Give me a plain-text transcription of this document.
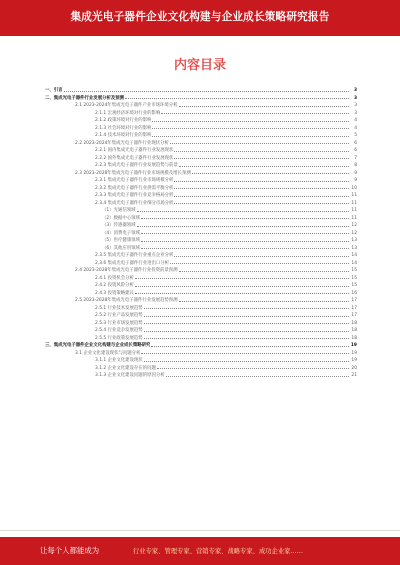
集成光电子器件企业文化构建与企业成长策略研究报告
内容目录
一、引言	3
二、集成光电子器件行业发展分析及预测	3
2.1 2023-2024年集成光电子器件产业市场环境分析	3
2.1.1 宏观经济环境对行业的影响	3
2.1.2 政策环境对行业的影响	4
2.1.3 社会环境对行业的影响	4
2.1.4 技术环境对行业的影响	5
2.2 2023-2024年集成光电子器件行业现状分析	6
2.2.1 国内集成光电子器件行业发展现状	6
2.2.2 国外集成光电子器件行业发展现状	7
2.2.3 集成光电子器件行业发展趋势与前景	8
2.3 2023-2028年集成光电子器件行业市场规模及增长预测	9
2.3.1 集成光电子器件行业市场规模分析	9
2.3.2 集成光电子器件行业供需平衡分析	10
2.3.3 集成光电子器件行业竞争格局分析	11
2.3.4 集成光电子器件行业细分市场分析	11
（1）光通信领域	11
（2）数据中心领域	11
（3）传感器领域	12
（4）消费电子领域	12
（5）医疗健康领域	13
（6）其他应用领域	13
2.3.5 集成光电子器件行业重点企业分析	14
2.3.6 集成光电子器件行业进出口分析	14
2.4 2023-2028年集成光电子器件行业投资前景预测	15
2.4.1 投资机会分析	15
2.4.2 投资风险分析	15
2.4.3 投资策略建议	16
2.5 2023-2028年集成光电子器件行业发展趋势预测	17
2.5.1 行业技术发展趋势	17
2.5.2 行业产品发展趋势	17
2.5.3 行业市场发展趋势	18
2.5.4 行业竞争发展趋势	18
2.5.5 行业政策发展趋势	18
三、集成光电子器件企业文化构建与企业成长策略研究	19
3.1 企业文化建设现状与问题分析	19
3.1.1 企业文化建设现状	19
3.1.2 企业文化建设存在的问题	20
3.1.3 企业文化建设问题的原因分析	21
让每个人都能成为	行业专家、管理专家、营销专家、战略专家、成功企业家……
